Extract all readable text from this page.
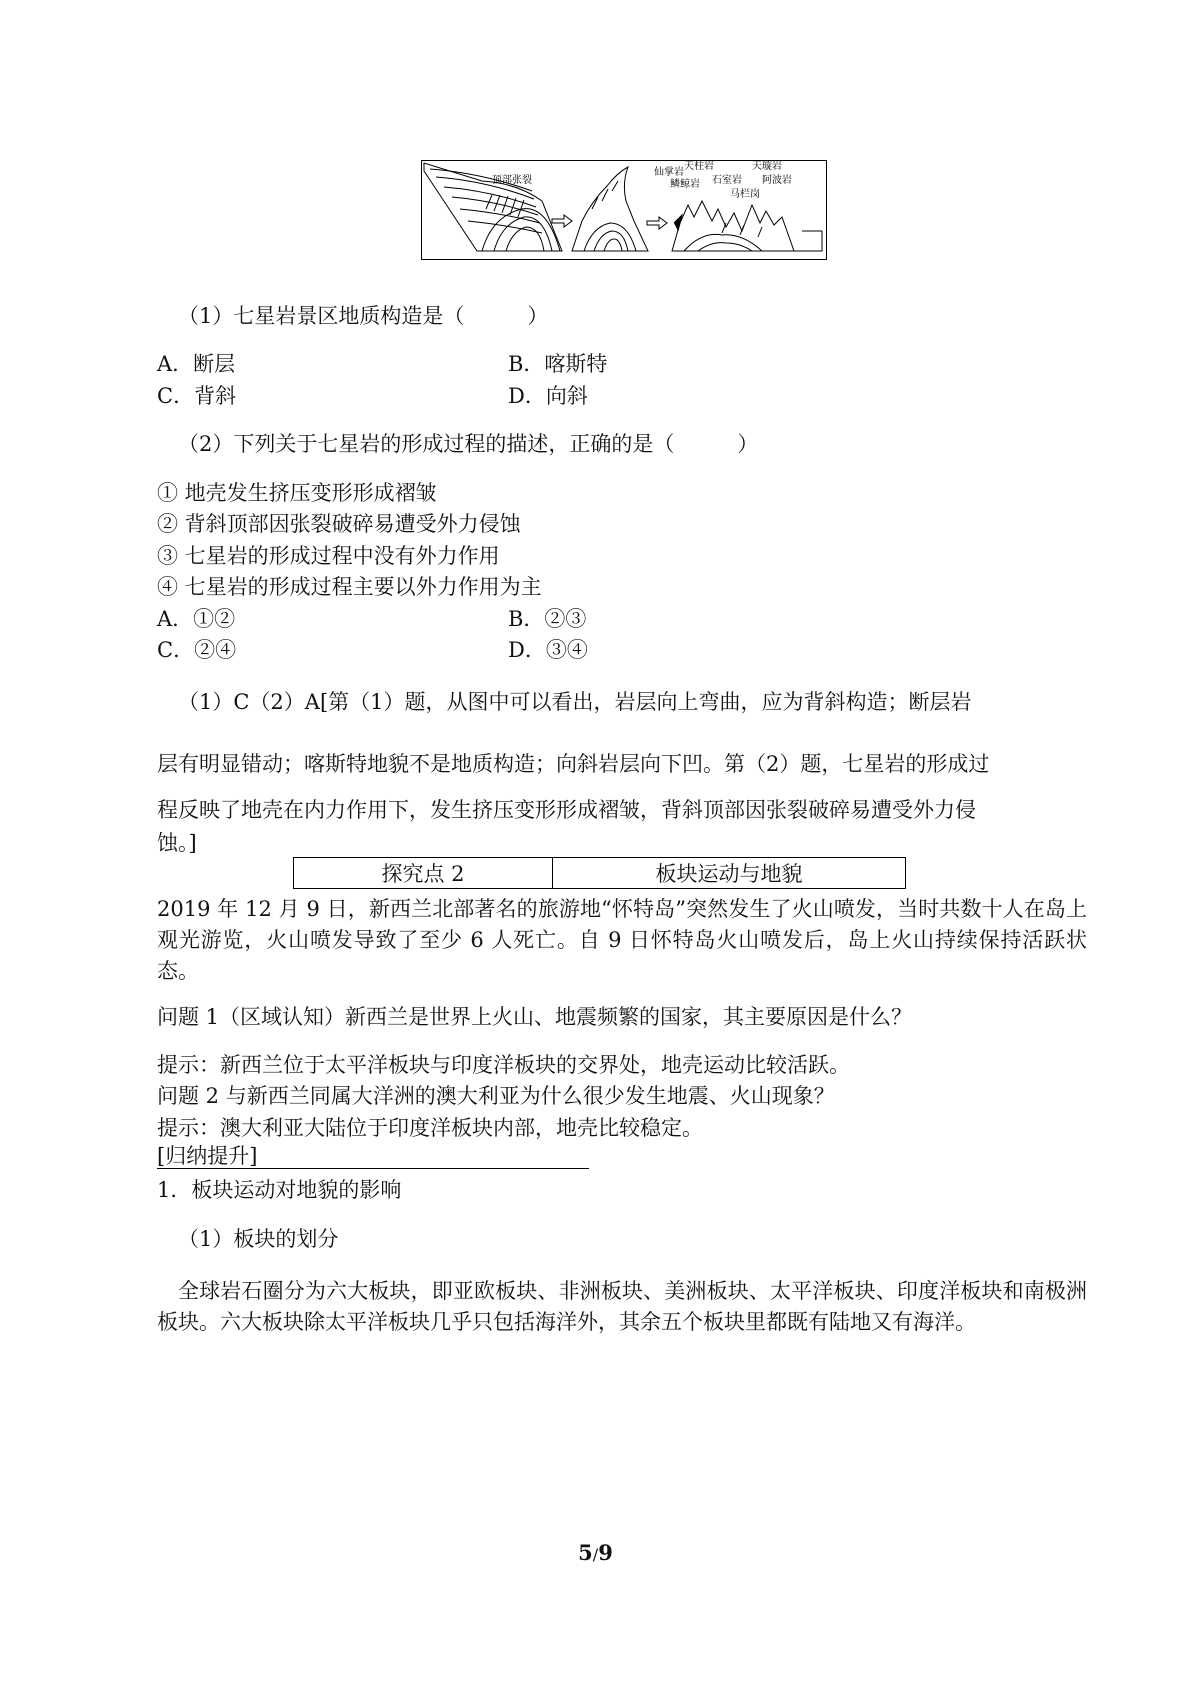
顶部张裂
仙掌岩
天柱岩
鳞鲸岩 石室岩
天璇岩
阿波岩
马栏岗
（1）七星岩景区地质构造是（　　　）
A．断层	B．喀斯特
C．背斜	D．向斜
（2）下列关于七星岩的形成过程的描述，正确的是（　　　）
① 地壳发生挤压变形形成褶皱
② 背斜顶部因张裂破碎易遭受外力侵蚀
③ 七星岩的形成过程中没有外力作用
④ 七星岩的形成过程主要以外力作用为主
A．①②	B．②③
C．②④	D．③④
（1）C（2）A[第（1）题，从图中可以看出，岩层向上弯曲，应为背斜构造；断层岩
层有明显错动；喀斯特地貌不是地质构造；向斜岩层向下凹。第（2）题，七星岩的形成过
程反映了地壳在内力作用下，发生挤压变形形成褶皱，背斜顶部因张裂破碎易遭受外力侵
蚀。]
探究点 2	板块运动与地貌
2019 年 12 月 9 日，新西兰北部著名的旅游地“怀特岛”突然发生了火山喷发，当时共数十人在岛上观光游览，火山喷发导致了至少 6 人死亡。自 9 日怀特岛火山喷发后，岛上火山持续保持活跃状态。
问题 1（区域认知）新西兰是世界上火山、地震频繁的国家，其主要原因是什么？
提示：新西兰位于太平洋板块与印度洋板块的交界处，地壳运动比较活跃。
问题 2 与新西兰同属大洋洲的澳大利亚为什么很少发生地震、火山现象？
提示：澳大利亚大陆位于印度洋板块内部，地壳比较稳定。
[归纳提升]
1．板块运动对地貌的影响
（1）板块的划分
全球岩石圈分为六大板块，即亚欧板块、非洲板块、美洲板块、太平洋板块、印度洋板块和南极洲板块。六大板块除太平洋板块几乎只包括海洋外，其余五个板块里都既有陆地又有海洋。
5/9
